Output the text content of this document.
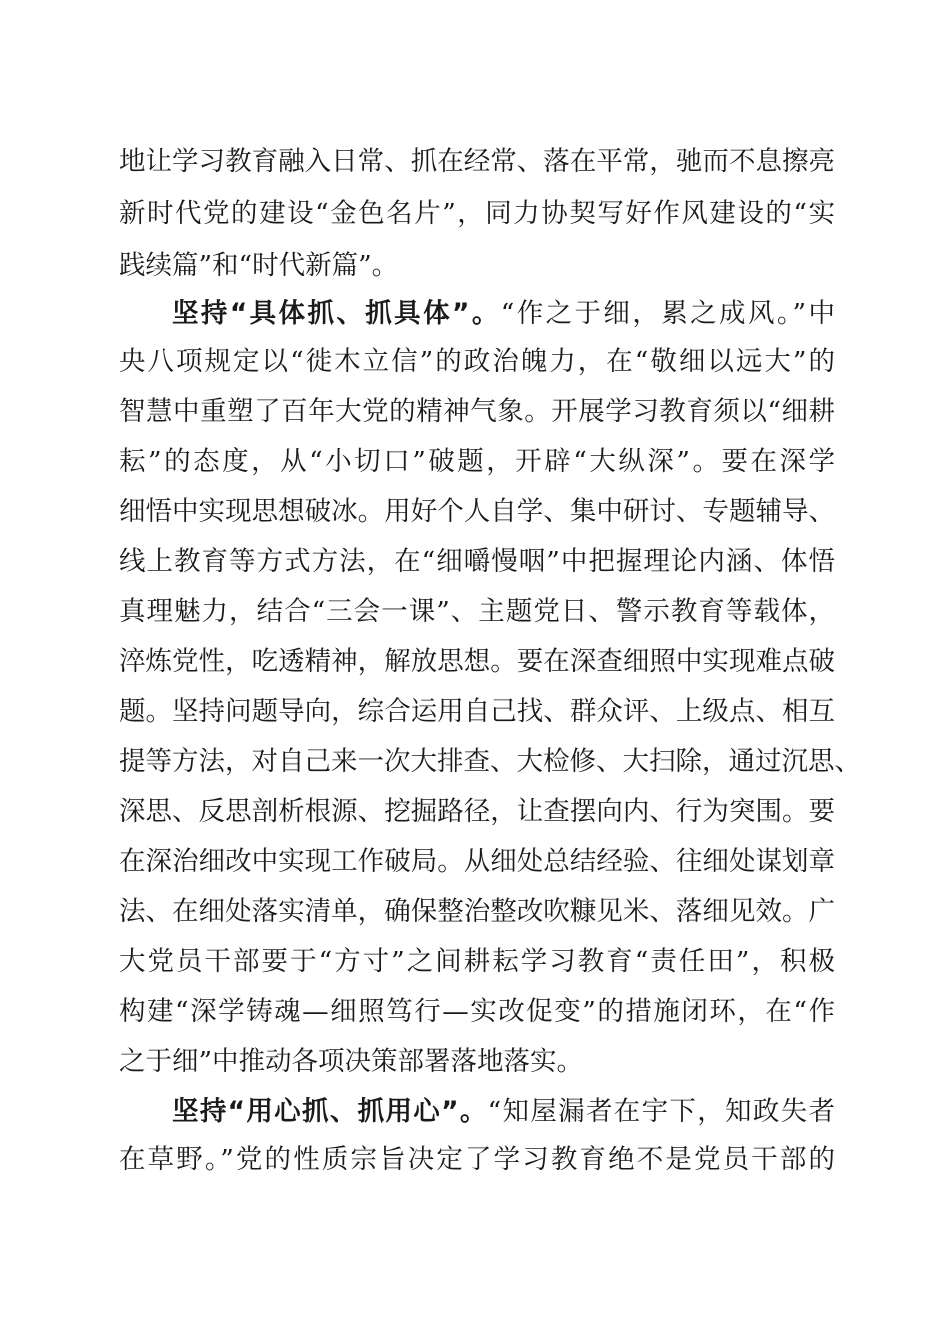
地让学习教育融入日常、抓在经常、落在平常，驰而不息擦亮
新时代党的建设“金色名片”，同力协契写好作风建设的“实
践续篇”和“时代新篇”。
坚持“具体抓、抓具体”。“作之于细，累之成风。”中
央八项规定以“徙木立信”的政治魄力，在“敬细以远大”的
智慧中重塑了百年大党的精神气象。开展学习教育须以“细耕
耘”的态度，从“小切口”破题，开辟“大纵深”。要在深学
细悟中实现思想破冰。用好个人自学、集中研讨、专题辅导、
线上教育等方式方法，在“细嚼慢咽”中把握理论内涵、体悟
真理魅力，结合“三会一课”、主题党日、警示教育等载体，
淬炼党性，吃透精神，解放思想。要在深查细照中实现难点破
题。坚持问题导向，综合运用自己找、群众评、上级点、相互
提等方法，对自己来一次大排查、大检修、大扫除，通过沉思、
深思、反思剖析根源、挖掘路径，让查摆向内、行为突围。要
在深治细改中实现工作破局。从细处总结经验、往细处谋划章
法、在细处落实清单，确保整治整改吹糠见米、落细见效。广
大党员干部要于“方寸”之间耕耘学习教育“责任田”，积极
构建“深学铸魂—细照笃行—实改促变”的措施闭环，在“作
之于细”中推动各项决策部署落地落实。
坚持“用心抓、抓用心”。“知屋漏者在宇下，知政失者
在草野。”党的性质宗旨决定了学习教育绝不是党员干部的
